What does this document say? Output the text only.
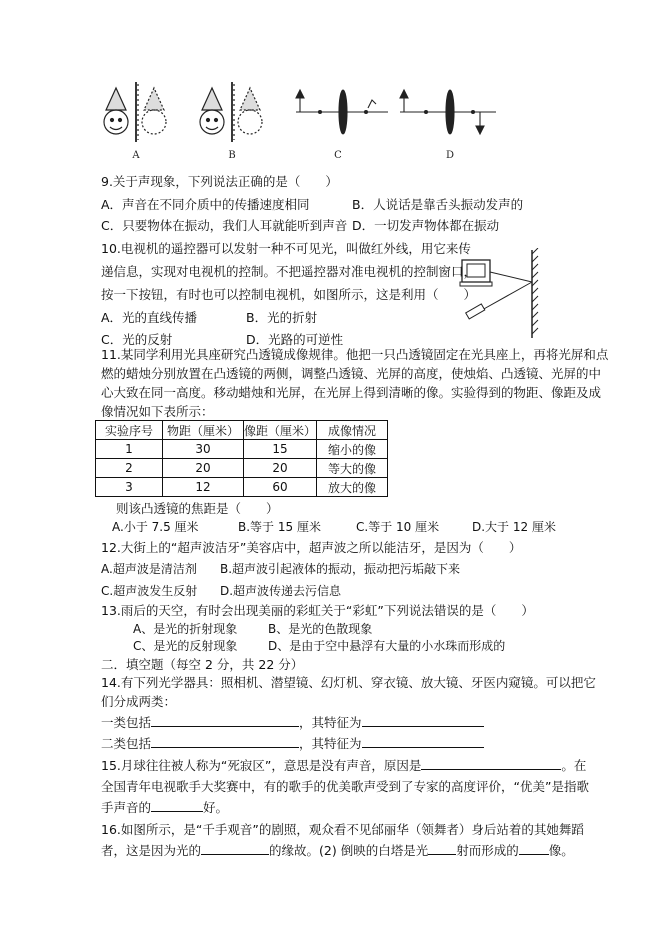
A	B	C	D
9.关于声现象，下列说法正确的是（　　）
A．声音在不同介质中的传播速度相同	B．人说话是靠舌头振动发声的
C．只要物体在振动，我们人耳就能听到声音 D．一切发声物体都在振动
10.电视机的遥控器可以发射一种不可见光，叫做红外线，用它来传
递信息，实现对电视机的控制。不把遥控器对准电视机的控制窗口，
按一下按钮，有时也可以控制电视机，如图所示，这是利用（　　）
A．光的直线传播	B．光的折射
C．光的反射	D．光路的可逆性
11.某同学利用光具座研究凸透镜成像规律。他把一只凸透镜固定在光具座上，再将光屏和点
燃的蜡烛分别放置在凸透镜的两侧，调整凸透镜、光屏的高度，使烛焰、凸透镜、光屏的中
心大致在同一高度。移动蜡烛和光屏，在光屏上得到清晰的像。实验得到的物距、像距及成
像情况如下表所示：
实验序号	物距（厘米）	像距（厘米）	成像情况
1	30	15	缩小的像
2	20	20	等大的像
3	12	60	放大的像
则该凸透镜的焦距是（　　）
A.小于 7.5 厘米	B.等于 15 厘米	C.等于 10 厘米	D.大于 12 厘米
12.大街上的“超声波洁牙”美容店中，超声波之所以能洁牙，是因为（　　）
A.超声波是清洁剂 B.超声波引起液体的振动，振动把污垢敲下来
C.超声波发生反射 D.超声波传递去污信息
13.雨后的天空，有时会出现美丽的彩虹关于“彩虹”下列说法错误的是（　　）
A、是光的折射现象	B、是光的色散现象
C、是光的反射现象	D、是由于空中悬浮有大量的小水珠而形成的
二．填空题（每空 2 分，共 22 分）
14.有下列光学器具：照相机、潜望镜、幻灯机、穿衣镜、放大镜、牙医内窥镜。可以把它
们分成两类：
一类包括	，其特征为
二类包括	，其特征为
15.月球往往被人称为“死寂区”，意思是没有声音，原因是	。在
全国青年电视歌手大奖赛中，有的歌手的优美歌声受到了专家的高度评价，“优美”是指歌
手声音的	好。
16.如图所示，是“千手观音”的剧照，观众看不见邰丽华（领舞者）身后站着的其她舞蹈
者，这是因为光的	的缘故。(2) 倒映的白塔是光 射而形成的 像。
